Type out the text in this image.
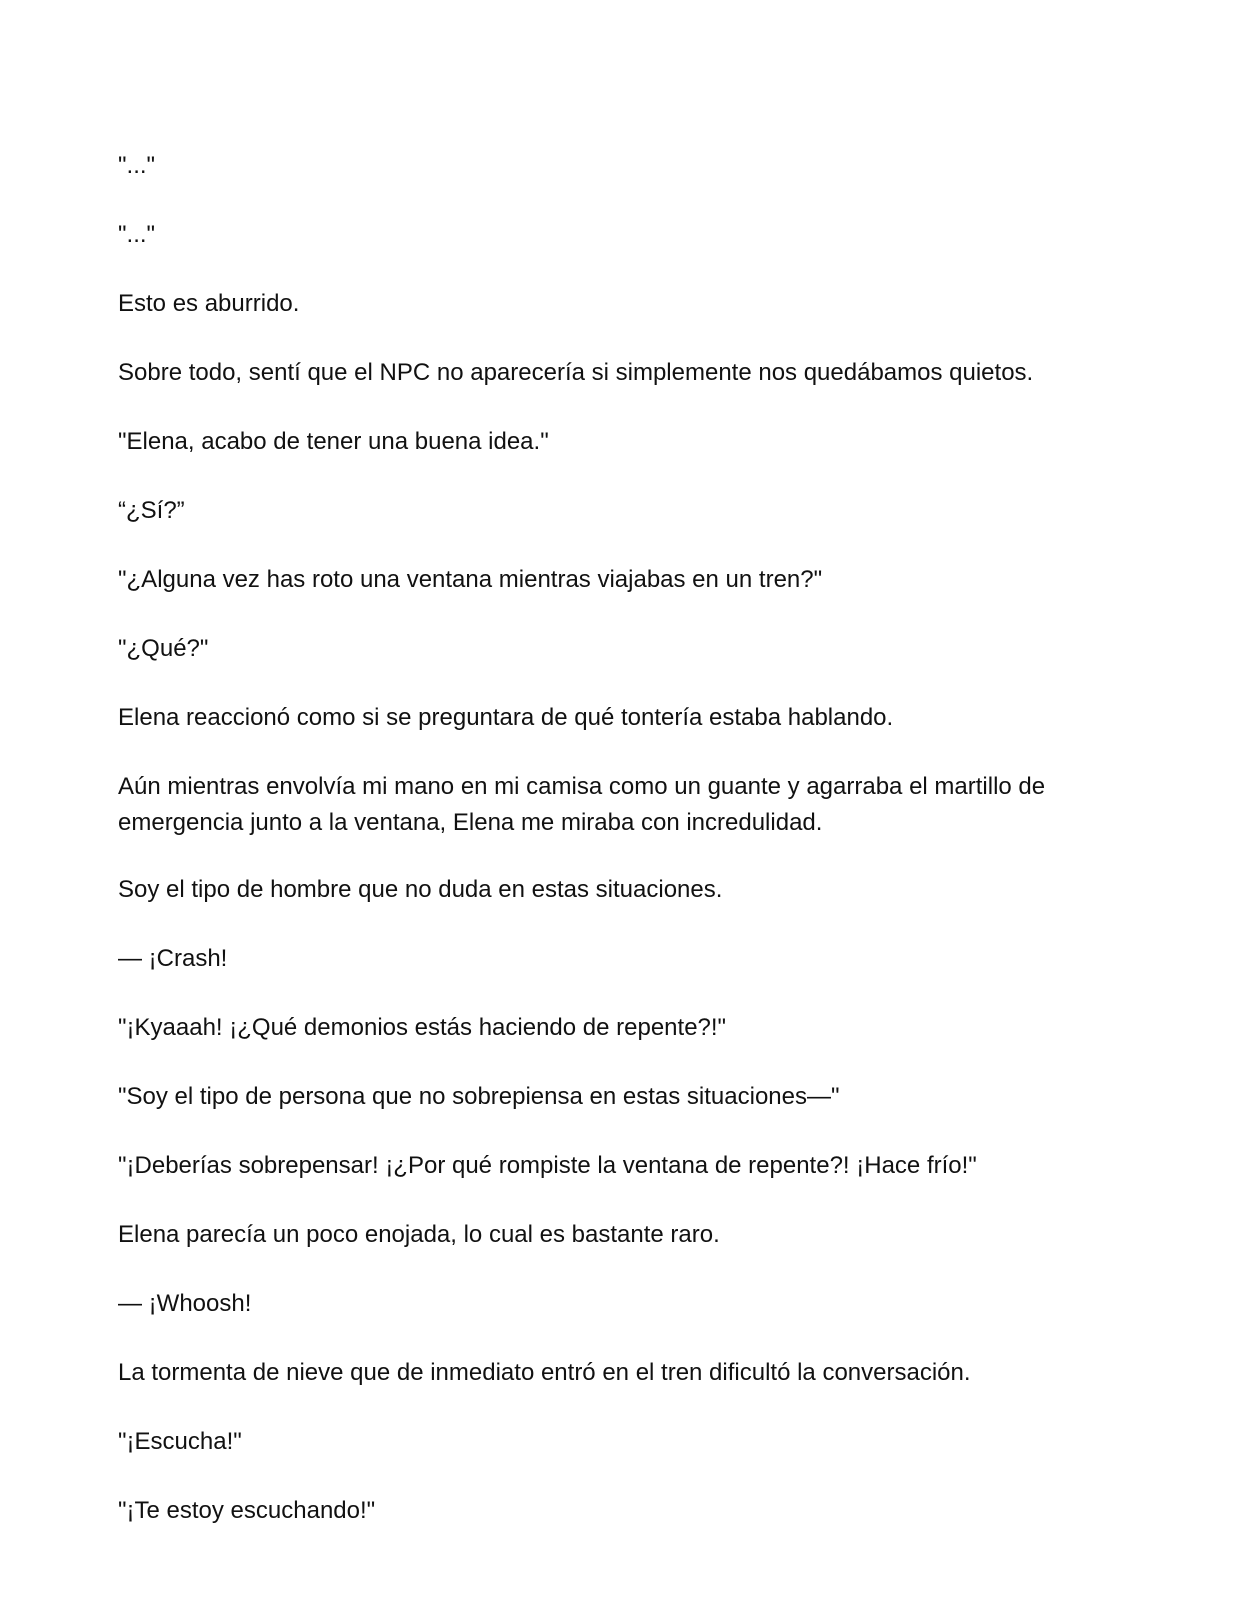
"..."

"..."

Esto es aburrido.

Sobre todo, sentí que el NPC no aparecería si simplemente nos quedábamos quietos.

"Elena, acabo de tener una buena idea."

“¿Sí?”

"¿Alguna vez has roto una ventana mientras viajabas en un tren?"

"¿Qué?"

Elena reaccionó como si se preguntara de qué tontería estaba hablando.

Aún mientras envolvía mi mano en mi camisa como un guante y agarraba el martillo de emergencia junto a la ventana, Elena me miraba con incredulidad.

Soy el tipo de hombre que no duda en estas situaciones.

— ¡Crash!

"¡Kyaaah! ¡¿Qué demonios estás haciendo de repente?!"

"Soy el tipo de persona que no sobrepiensa en estas situaciones—"

"¡Deberías sobrepensar! ¡¿Por qué rompiste la ventana de repente?! ¡Hace frío!"

Elena parecía un poco enojada, lo cual es bastante raro.

— ¡Whoosh!

La tormenta de nieve que de inmediato entró en el tren dificultó la conversación.

"¡Escucha!"

"¡Te estoy escuchando!"
